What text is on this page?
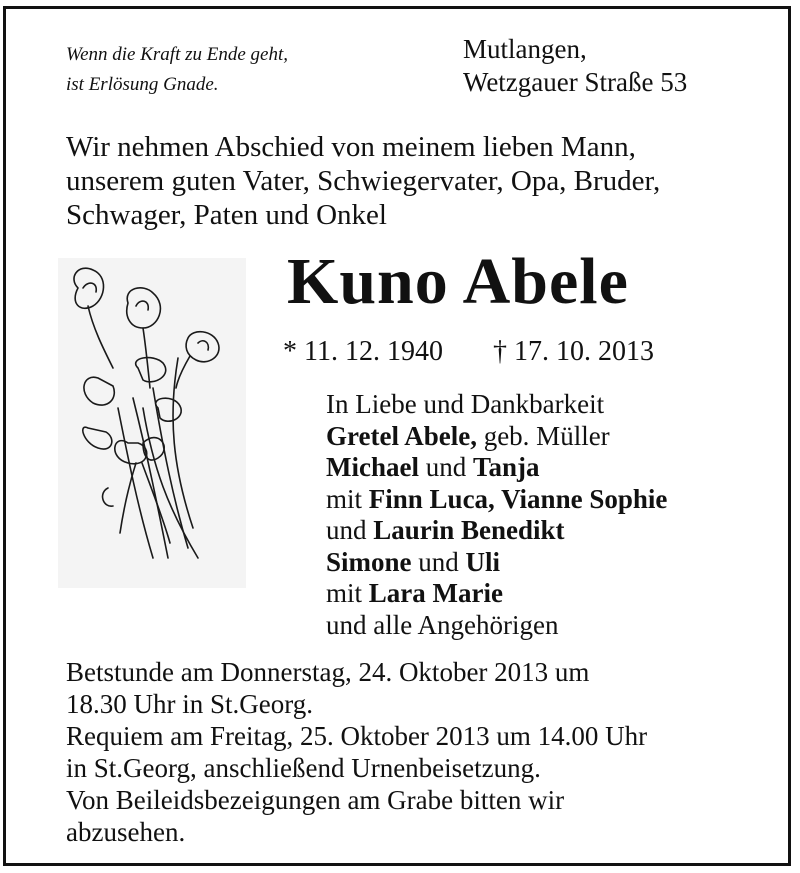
Wenn die Kraft zu Ende geht,
ist Erlösung Gnade.
Mutlangen,
Wetzgauer Straße 53
Wir nehmen Abschied von meinem lieben Mann,
unserem guten Vater, Schwiegervater, Opa, Bruder,
Schwager, Paten und Onkel
Kuno Abele
* 11. 12. 1940 † 17. 10. 2013
In Liebe und Dankbarkeit
Gretel Abele, geb. Müller
Michael und Tanja
mit Finn Luca, Vianne Sophie
und Laurin Benedikt
Simone und Uli
mit Lara Marie
und alle Angehörigen
Betstunde am Donnerstag, 24. Oktober 2013 um
18.30 Uhr in St.Georg.
Requiem am Freitag, 25. Oktober 2013 um 14.00 Uhr
in St.Georg, anschließend Urnenbeisetzung.
Von Beileidsbezeigungen am Grabe bitten wir
abzusehen.
